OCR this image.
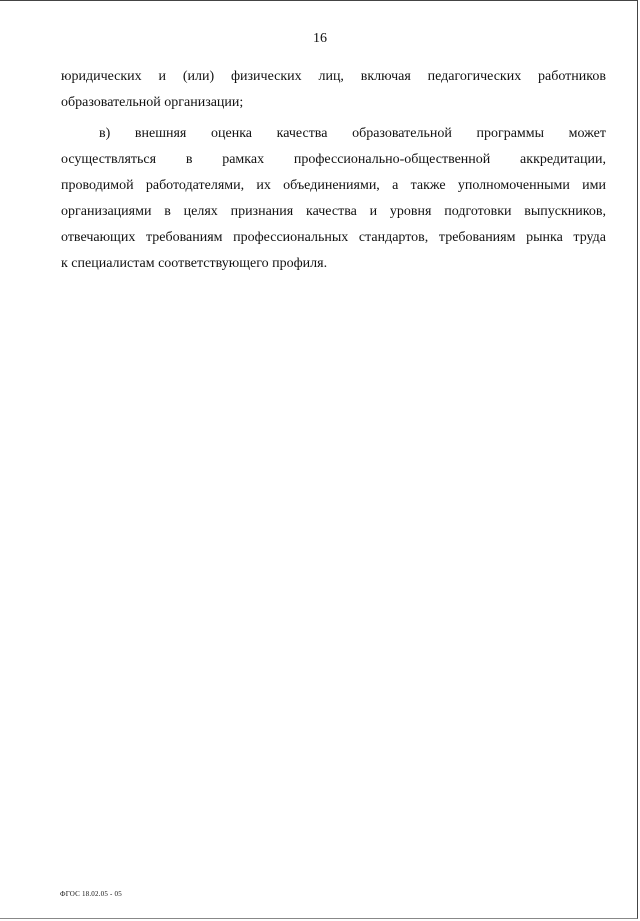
16
юридических и (или) физических лиц, включая педагогических работников
образовательной организации;
в) внешняя оценка качества образовательной программы может
осуществляться в рамках профессионально-общественной аккредитации,
проводимой работодателями, их объединениями, а также уполномоченными ими
организациями в целях признания качества и уровня подготовки выпускников,
отвечающих требованиям профессиональных стандартов, требованиям рынка труда
к специалистам соответствующего профиля.
ФГОС 18.02.05 - 05
